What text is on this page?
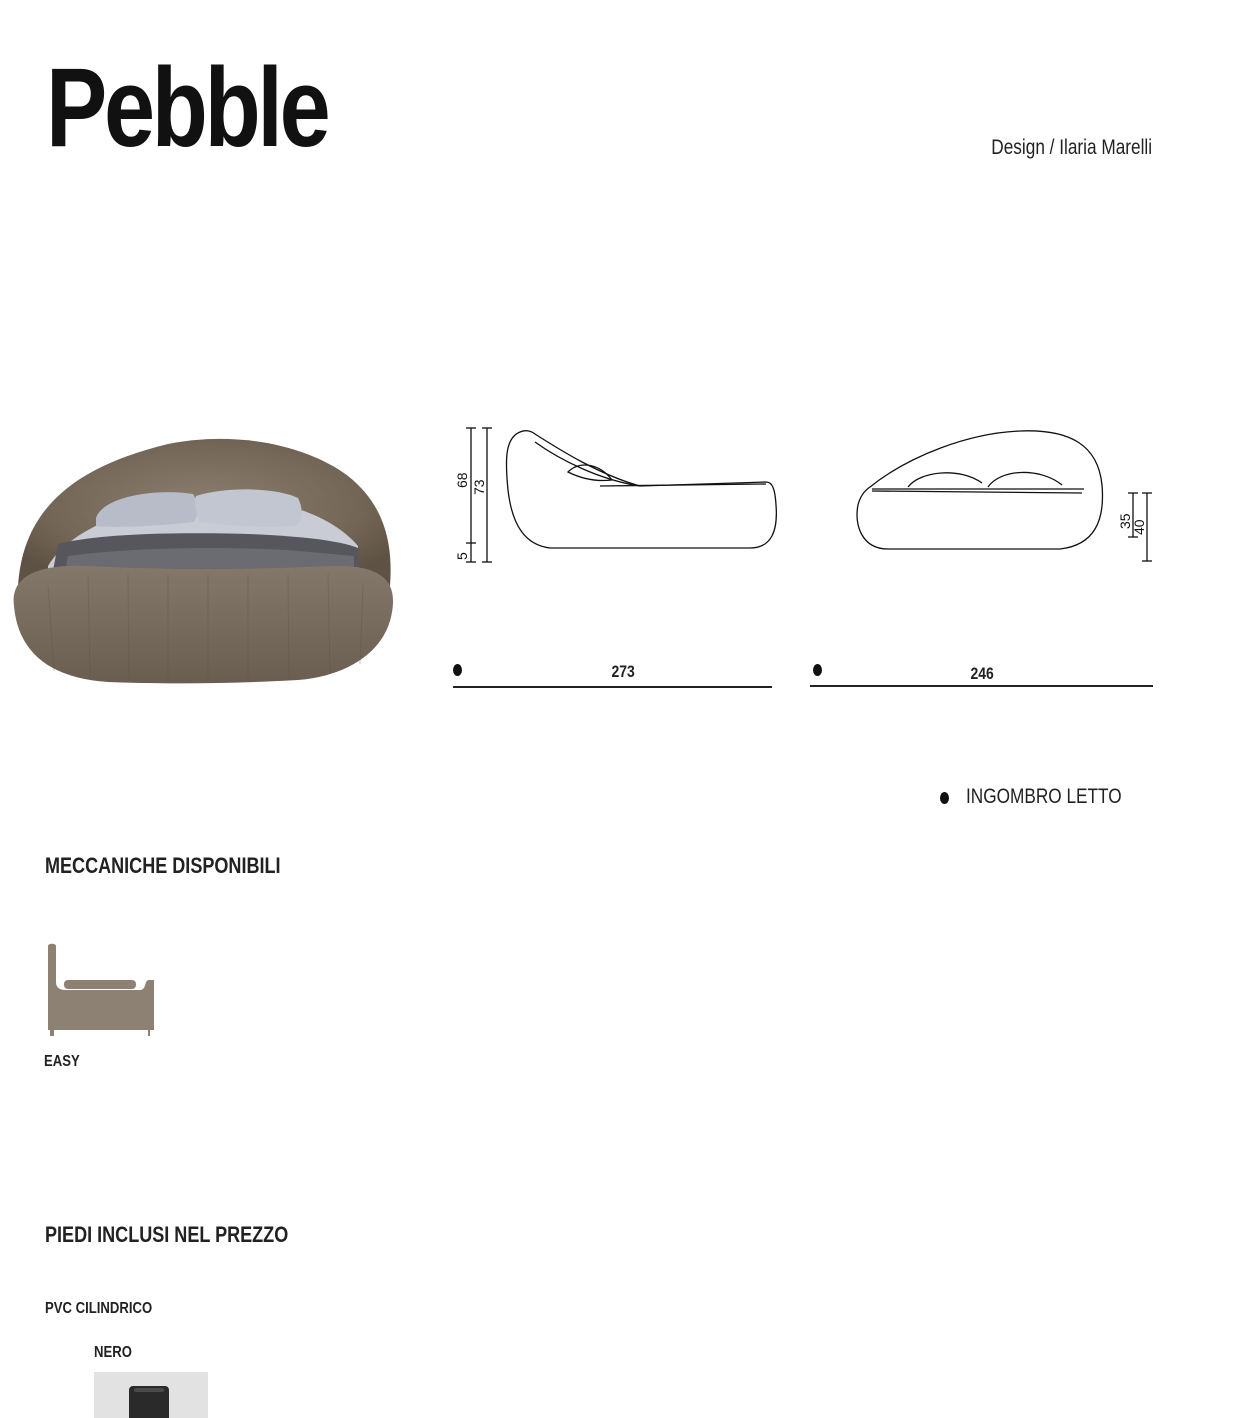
Pebble	Design / Ilaria Marelli
68 73
5
35
40
273	246
INGOMBRO LETTO
MECCANICHE DISPONIBILI
EASY
PIEDI INCLUSI NEL PREZZO
PVC CILINDRICO
NERO
